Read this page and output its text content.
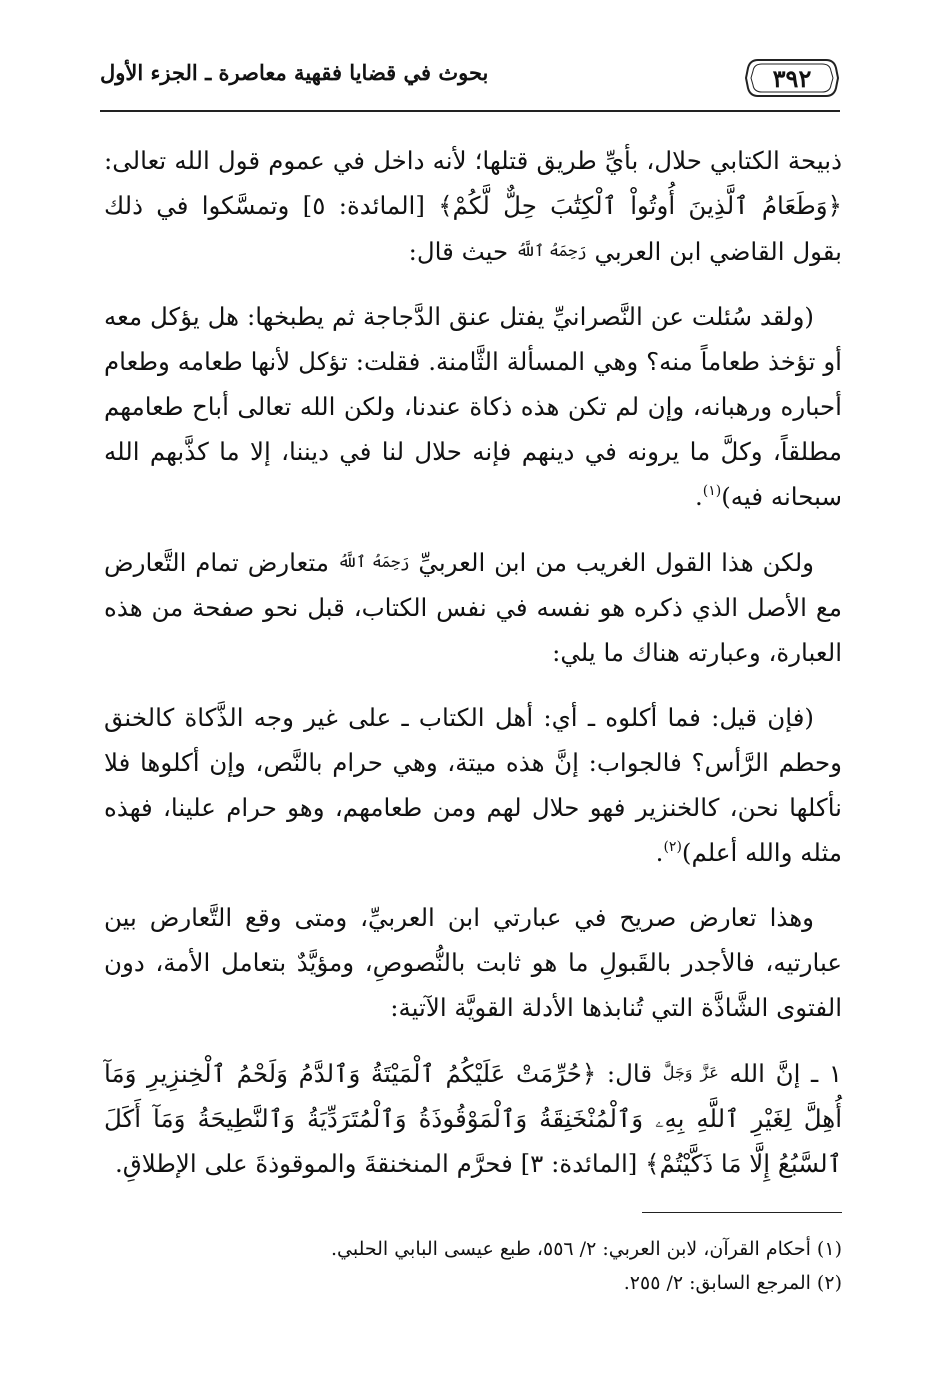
٣٩٢
بحوث في قضايا فقهية معاصرة ـ الجزء الأول

ذبيحة الكتابي حلال، بأيِّ طريق قتلها؛ لأنه داخل في عموم قول الله تعالى: ﴿وَطَعَامُ ٱلَّذِينَ أُوتُواْ ٱلْكِتَٰبَ حِلٌّ لَّكُمْ﴾ [المائدة: ٥] وتمسَّكوا في ذلك بقول القاضي ابن العربي رَحِمَهُ ٱللَّهُ حيث قال:

(ولقد سُئلت عن النَّصرانيِّ يفتل عنق الدَّجاجة ثم يطبخها: هل يؤكل معه أو تؤخذ طعاماً منه؟ وهي المسألة الثَّامنة. فقلت: تؤكل لأنها طعامه وطعام أحباره ورهبانه، وإن لم تكن هذه ذكاة عندنا، ولكن الله تعالى أباح طعامهم مطلقاً، وكلَّ ما يرونه في دينهم فإنه حلال لنا في ديننا، إلا ما كذَّبهم الله سبحانه فيه)$^{(١)}$.

ولكن هذا القول الغريب من ابن العربيِّ رَحِمَهُ ٱللَّهُ متعارض تمام التَّعارض مع الأصل الذي ذكره هو نفسه في نفس الكتاب، قبل نحو صفحة من هذه العبارة، وعبارته هناك ما يلي:

(فإن قيل: فما أكلوه ـ أي: أهل الكتاب ـ على غير وجه الذَّكاة كالخنق وحطم الرَّأس؟ فالجواب: إنَّ هذه ميتة، وهي حرام بالنَّص، وإن أكلوها فلا نأكلها نحن، كالخنزير فهو حلال لهم ومن طعامهم، وهو حرام علينا، فهذه مثله والله أعلم)$^{(٢)}$.

وهذا تعارض صريح في عبارتي ابن العربيِّ، ومتى وقع التَّعارض بين عبارتيه، فالأجدر بالقَبولِ ما هو ثابت بالنُّصوصِ، ومؤيَّدٌ بتعامل الأمة، دون الفتوى الشَّاذَّة التي تُنابذها الأدلة القويَّة الآتية:

١ ـ إنَّ الله عَزَّ وَجَلَّ قال: ﴿حُرِّمَتْ عَلَيْكُمُ ٱلْمَيْتَةُ وَٱلدَّمُ وَلَحْمُ ٱلْخِنزِيرِ وَمَآ أُهِلَّ لِغَيْرِ ٱللَّهِ بِهِۦ وَٱلْمُنْخَنِقَةُ وَٱلْمَوْقُوذَةُ وَٱلْمُتَرَدِّيَةُ وَٱلنَّطِيحَةُ وَمَآ أَكَلَ ٱلسَّبُعُ إِلَّا مَا ذَكَّيْتُمْ﴾ [المائدة: ٣] فحرَّم المنخنقةَ والموقوذةَ على الإطلاقِ.

(١) أحكام القرآن، لابن العربي: ٢/ ٥٥٦، طبع عيسى البابي الحلبي.
(٢) المرجع السابق: ٢/ ٢٥٥.
